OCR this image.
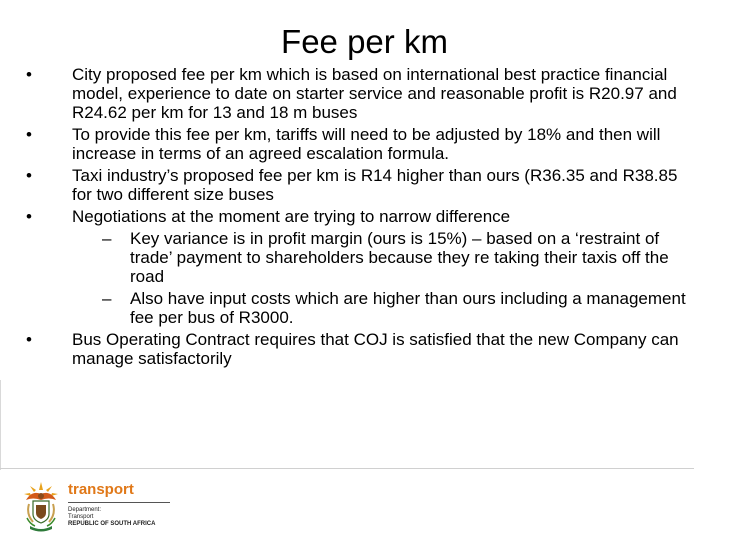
Fee per km
• City proposed fee per km which is based on international best practice financial model, experience to date on starter service and reasonable profit is R20.97 and R24.62 per km for 13 and 18 m buses
• To provide this fee per km, tariffs will need to be adjusted by 18% and then will increase in terms of an agreed escalation formula.
• Taxi industry’s proposed fee per km is R14 higher than ours (R36.35 and R38.85 for two different size buses
• Negotiations at the moment are trying to narrow difference
– Key variance is in profit margin (ours is 15%) – based on a ‘restraint of trade’ payment to shareholders because they re taking their taxis off the road
– Also have input costs which are higher than ours including a management fee per bus of R3000.
• Bus Operating Contract requires that COJ is satisfied that the new Company can manage satisfactorily
transport
Department:
Transport
REPUBLIC OF SOUTH AFRICA
